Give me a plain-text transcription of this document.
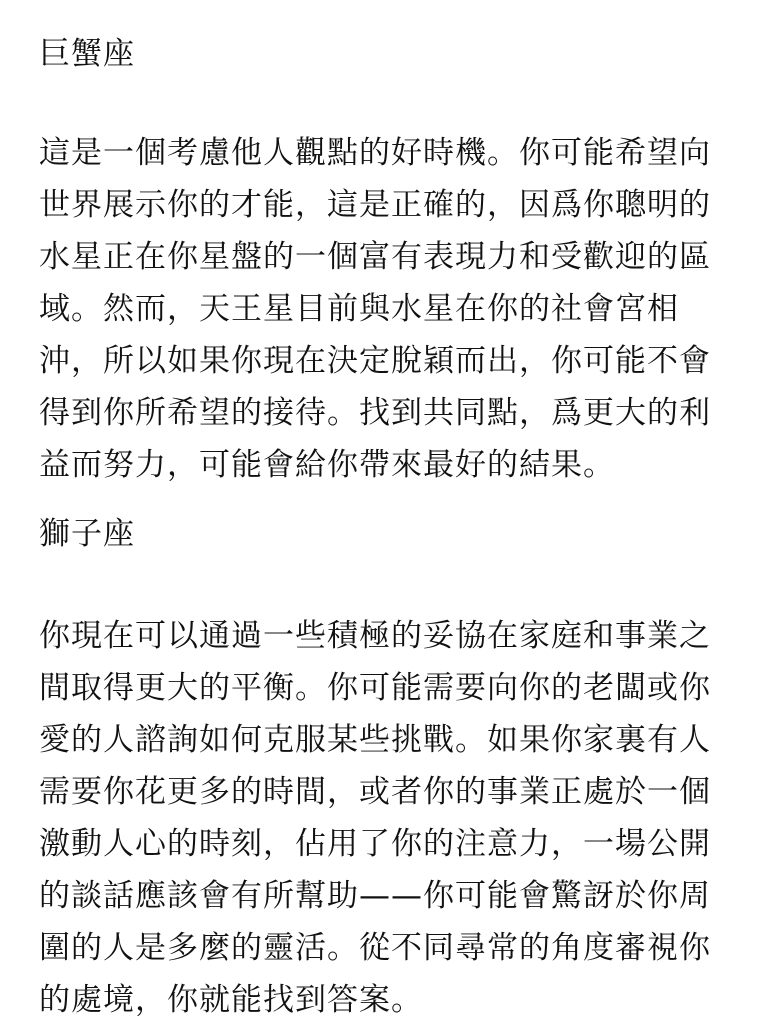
巨蟹座

這是一個考慮他人觀點的好時機。你可能希望向
世界展示你的才能，這是正確的，因爲你聰明的
水星正在你星盤的一個富有表現力和受歡迎的區
域。然而，天王星目前與水星在你的社會宮相
沖，所以如果你現在決定脫穎而出，你可能不會
得到你所希望的接待。找到共同點，爲更大的利
益而努力，可能會給你帶來最好的結果。

獅子座

你現在可以通過一些積極的妥協在家庭和事業之
間取得更大的平衡。你可能需要向你的老闆或你
愛的人諮詢如何克服某些挑戰。如果你家裏有人
需要你花更多的時間，或者你的事業正處於一個
激動人心的時刻，佔用了你的注意力，一場公開
的談話應該會有所幫助——你可能會驚訝於你周
圍的人是多麼的靈活。從不同尋常的角度審視你
的處境，你就能找到答案。
